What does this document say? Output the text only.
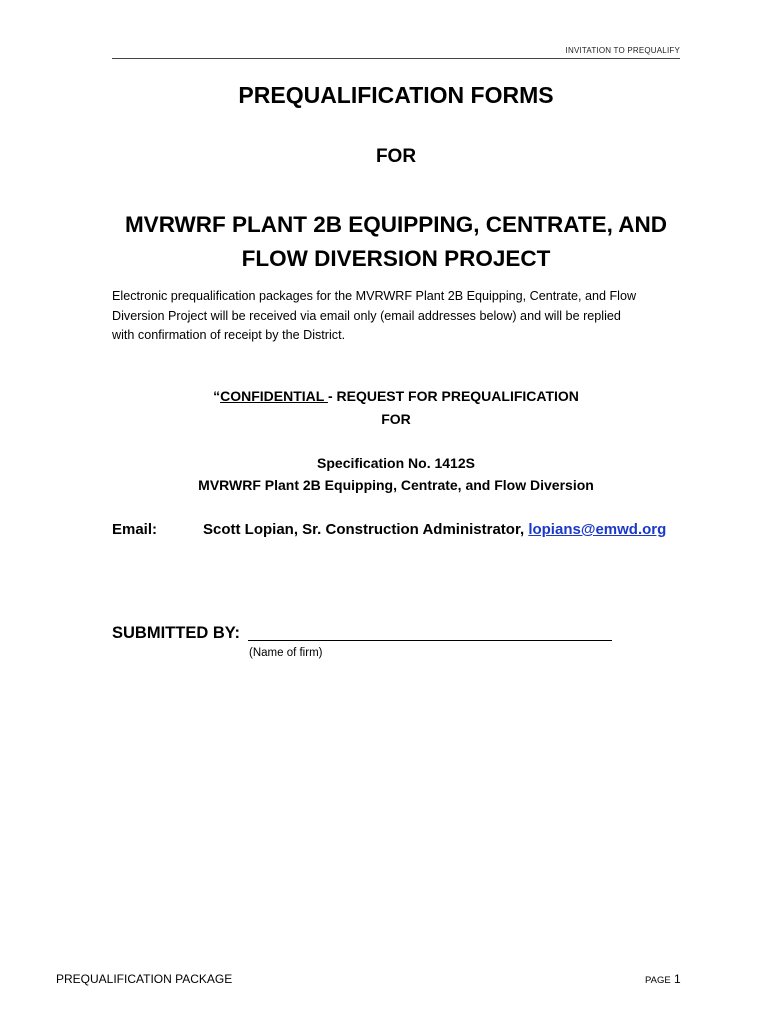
INVITATION TO PREQUALIFY
PREQUALIFICATION FORMS
FOR
MVRWRF PLANT 2B EQUIPPING, CENTRATE, AND
FLOW DIVERSION PROJECT
Electronic prequalification packages for the MVRWRF Plant 2B Equipping, Centrate, and Flow
Diversion Project will be received via email only (email addresses below) and will be replied
with confirmation of receipt by the District.
“CONFIDENTIAL - REQUEST FOR PREQUALIFICATION
FOR
Specification No. 1412S
MVRWRF Plant 2B Equipping, Centrate, and Flow Diversion
Email:	Scott Lopian, Sr. Construction Administrator, lopians@emwd.org
SUBMITTED BY:
(Name of firm)
PREQUALIFICATION PACKAGE	PAGE 1
